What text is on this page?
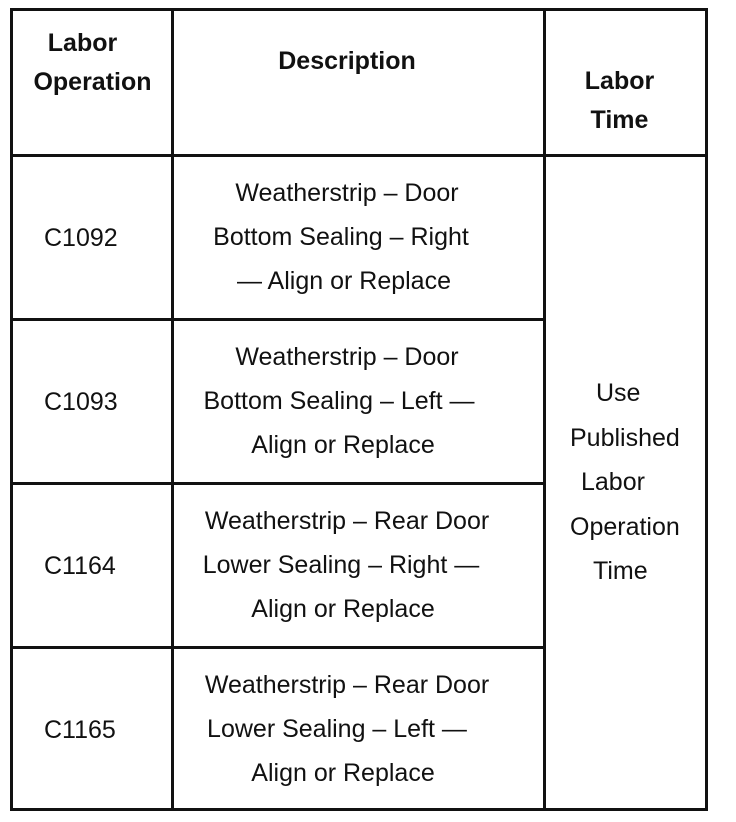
Labor
Operation
Description
Labor
Time
C1092
Weatherstrip – Door
Bottom Sealing – Right
— Align or Replace
C1093
Weatherstrip – Door
Bottom Sealing – Left —
Align or Replace
C1164
Weatherstrip – Rear Door
Lower Sealing – Right —
Align or Replace
C1165
Weatherstrip – Rear Door
Lower Sealing – Left —
Align or Replace
Use
Published
Labor
Operation
Time
